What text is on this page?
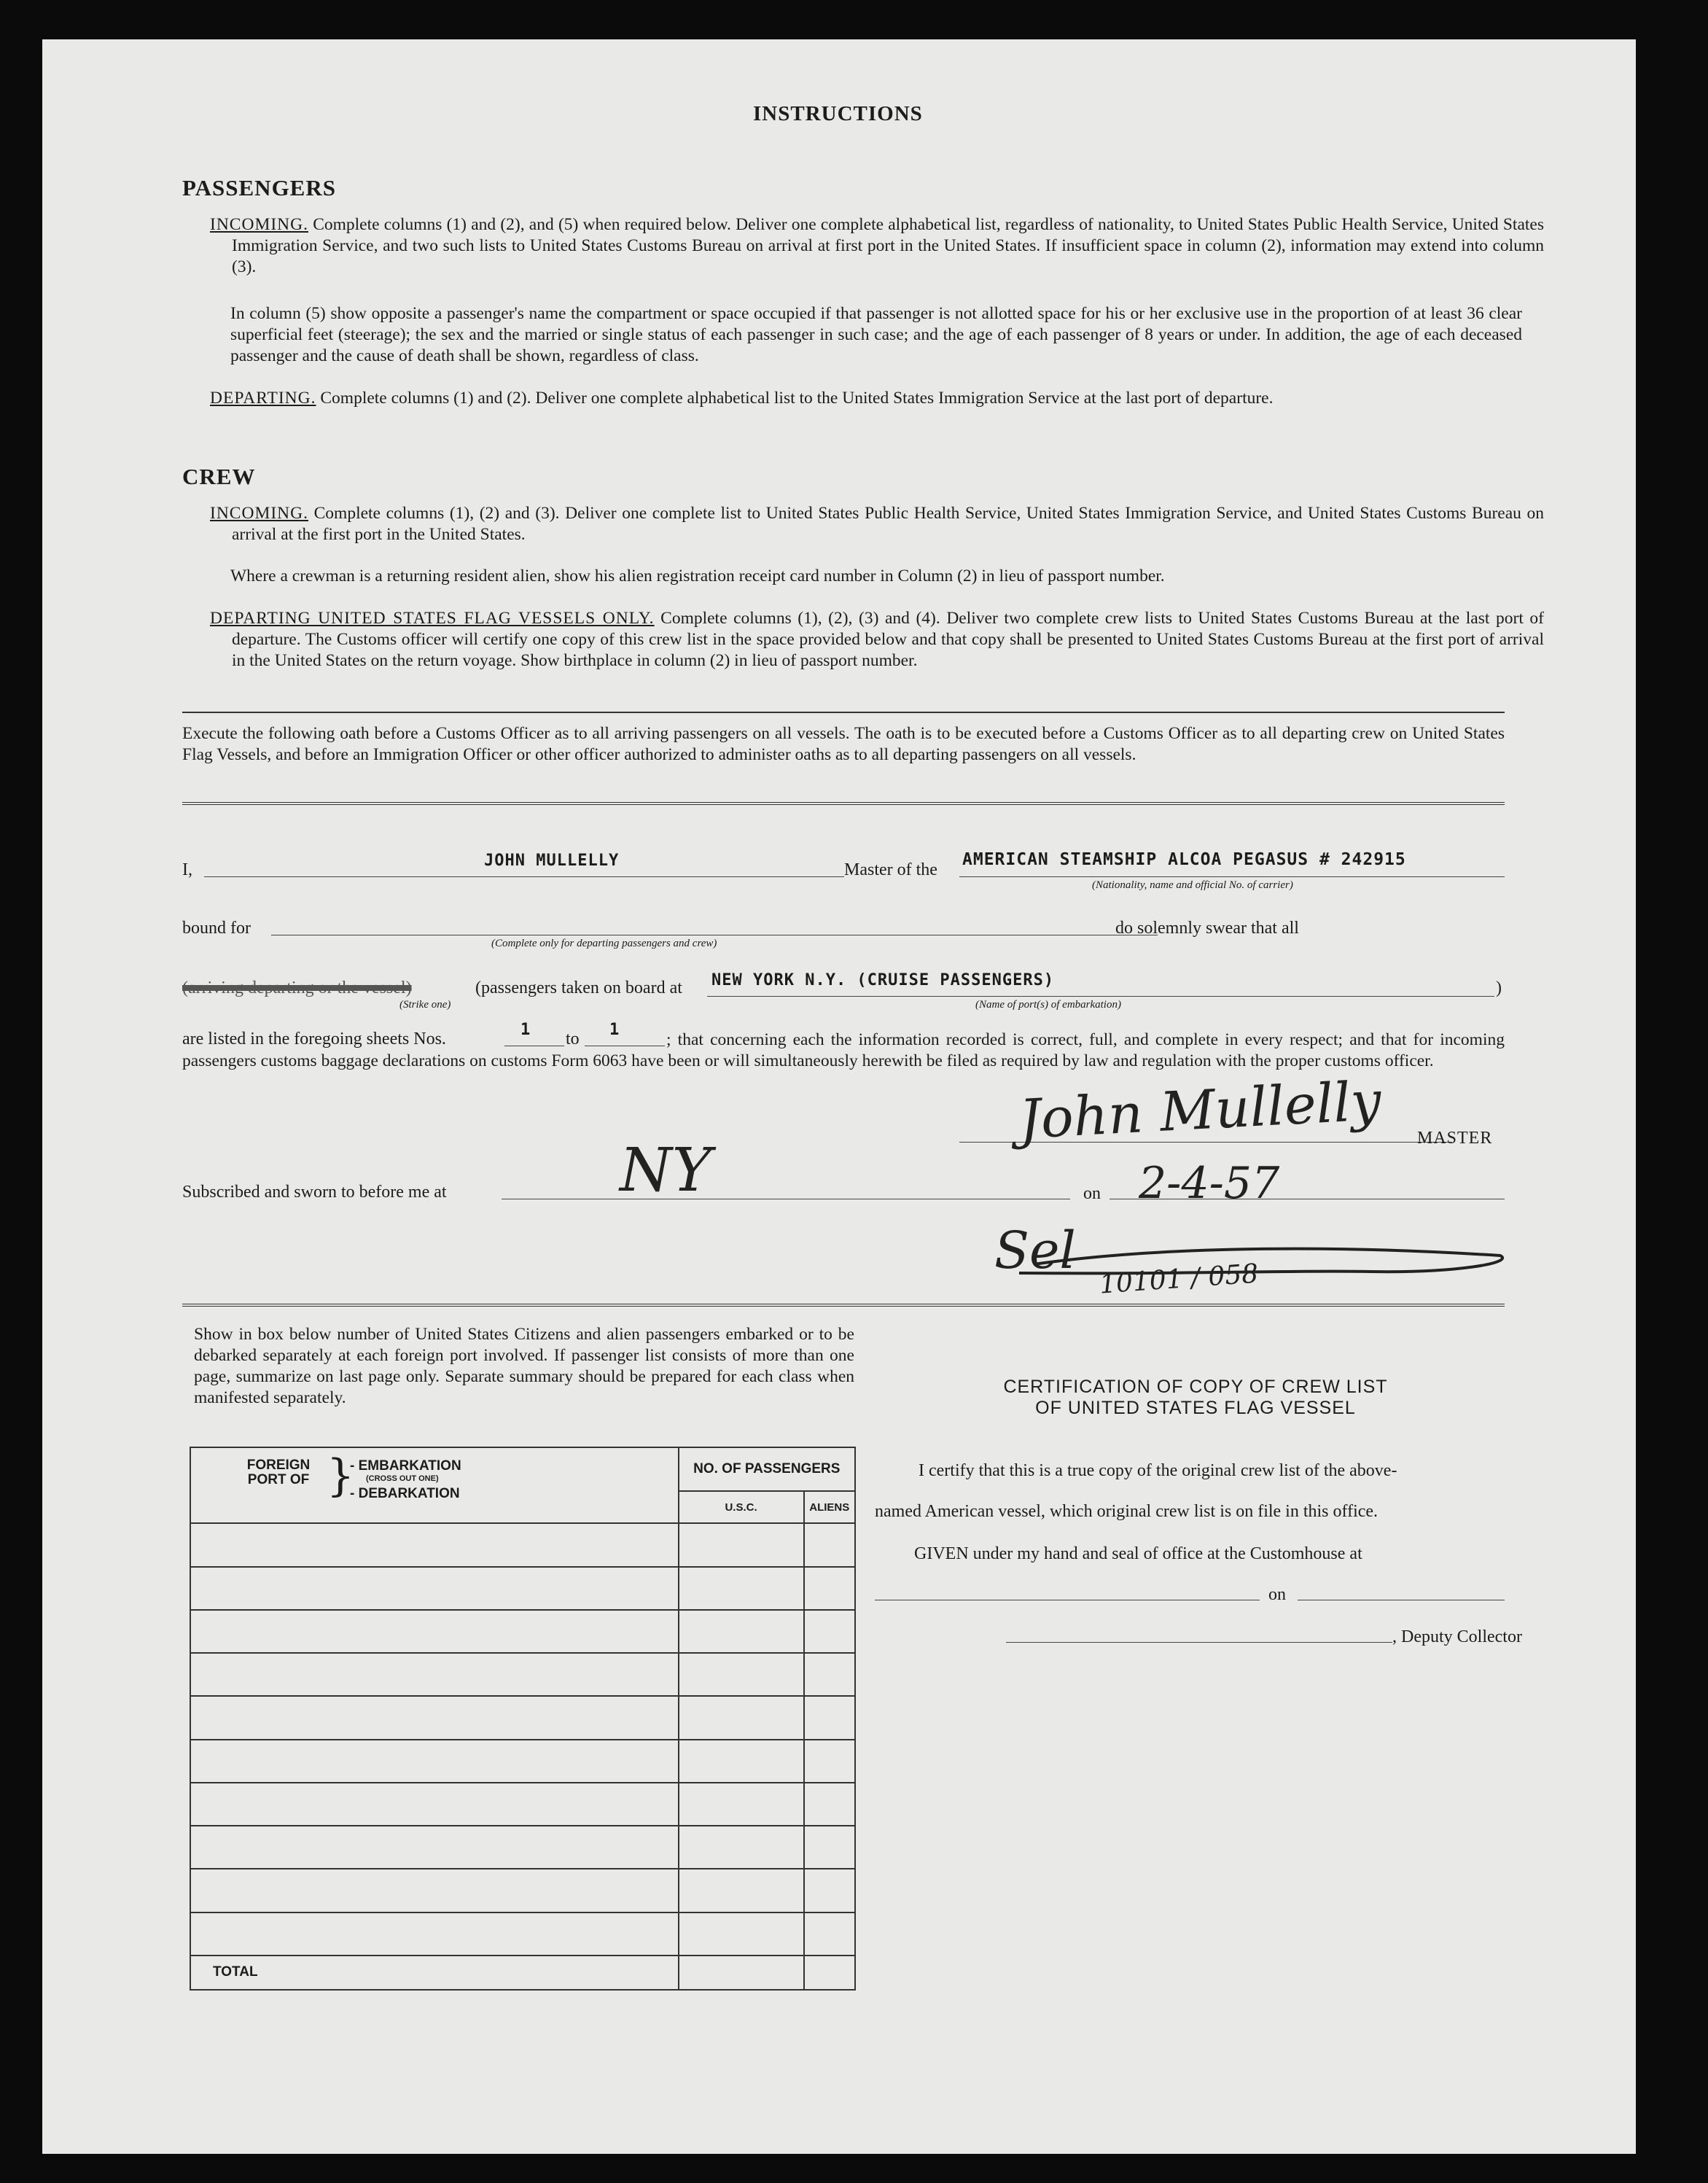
INSTRUCTIONS
PASSENGERS
INCOMING. Complete columns (1) and (2), and (5) when required below. Deliver one complete alphabetical list, regardless of nationality, to United States Public Health Service, United States Immigration Service, and two such lists to United States Customs Bureau on arrival at first port in the United States. If insufficient space in column (2), information may extend into column (3).
In column (5) show opposite a passenger's name the compartment or space occupied if that passenger is not allotted space for his or her exclusive use in the proportion of at least 36 clear superficial feet (steerage); the sex and the married or single status of each passenger in such case; and the age of each passenger of 8 years or under. In addition, the age of each deceased passenger and the cause of death shall be shown, regardless of class.
DEPARTING. Complete columns (1) and (2). Deliver one complete alphabetical list to the United States Immigration Service at the last port of departure.
CREW
INCOMING. Complete columns (1), (2) and (3). Deliver one complete list to United States Public Health Service, United States Immigration Service, and United States Customs Bureau on arrival at the first port in the United States.
Where a crewman is a returning resident alien, show his alien registration receipt card number in Column (2) in lieu of passport number.
DEPARTING UNITED STATES FLAG VESSELS ONLY. Complete columns (1), (2), (3) and (4). Deliver two complete crew lists to United States Customs Bureau at the last port of departure. The Customs officer will certify one copy of this crew list in the space provided below and that copy shall be presented to United States Customs Bureau at the first port of arrival in the United States on the return voyage. Show birthplace in column (2) in lieu of passport number.
Execute the following oath before a Customs Officer as to all arriving passengers on all vessels. The oath is to be executed before a Customs Officer as to all departing crew on United States Flag Vessels, and before an Immigration Officer or other officer authorized to administer oaths as to all departing passengers on all vessels.
I,	JOHN MULLELLY	Master of the
AMERICAN STEAMSHIP ALCOA PEGASUS # 242915
(Nationality, name and official No. of carrier)
bound for
(Complete only for departing passengers and crew)
do solemnly swear that all
(arriving departing or the vessel)
(Strike one)
(passengers taken on board at NEW YORK N.Y. (CRUISE PASSENGERS)
(Name of port(s) of embarkation)
)
are listed in the foregoing sheets Nos.	1 to 1
; that concerning each the information recorded is correct, full, and complete in every respect; and that for incoming passengers customs baggage declarations on customs Form 6063 have been or will simultaneously herewith be filed as required by law and regulation with the proper customs officer.
John Mullelly MASTER
Subscribed and sworn to before me at	NY	on 2-4-57
Sel 10101 / 058
Show in box below number of United States Citizens and alien passengers embarked or to be debarked separately at each foreign port involved. If passenger list consists of more than one page, summarize on last page only. Separate summary should be prepared for each class when manifested separately.
FOREIGN PORT OF }
- EMBARKATION
(CROSS OUT ONE)
- DEBARKATION	NO. OF PASSENGERS	
	U.S.C.	ALIENS

TOTAL		
CERTIFICATION OF COPY OF CREW LIST
OF UNITED STATES FLAG VESSEL
I certify that this is a true copy of the original crew list of the above-
named American vessel, which original crew list is on file in this office.
GIVEN under my hand and seal of office at the Customhouse at
on
, Deputy Collector
